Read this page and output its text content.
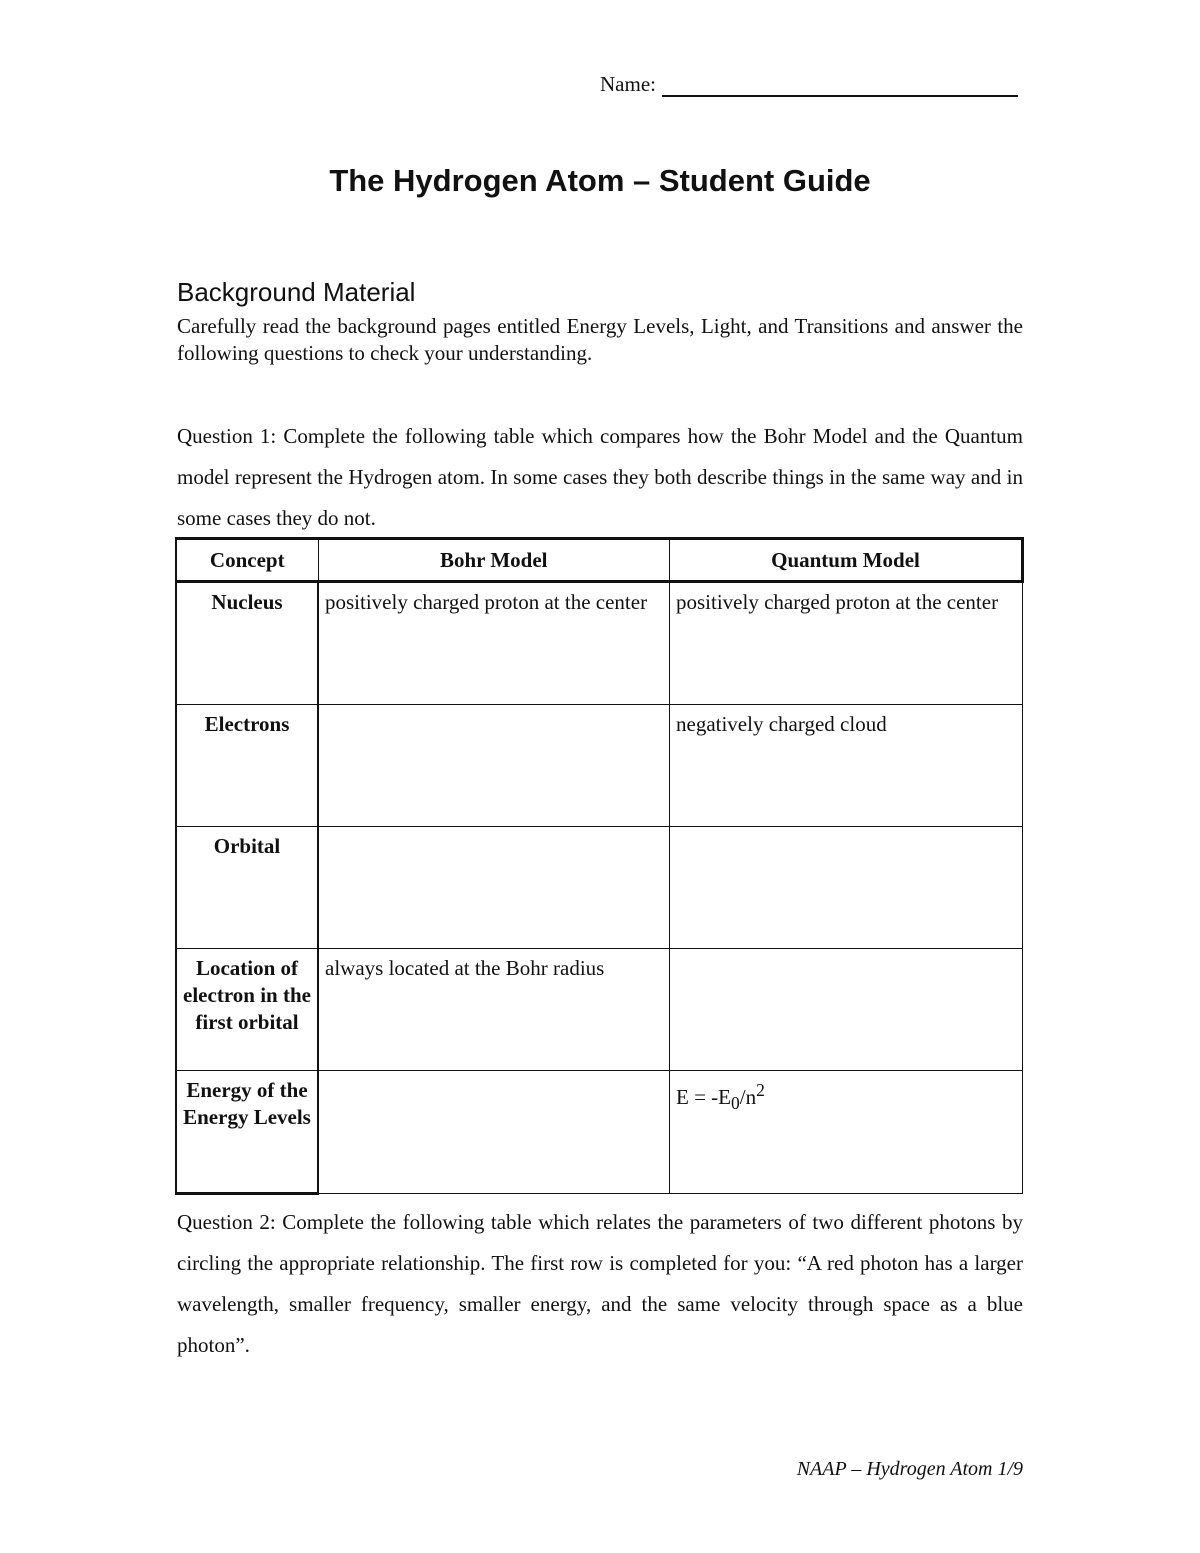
Name:
The Hydrogen Atom – Student Guide
Background Material

Carefully read the background pages entitled Energy Levels, Light, and Transitions and answer the following questions to check your understanding.

Question 1: Complete the following table which compares how the Bohr Model and the Quantum model represent the Hydrogen atom. In some cases they both describe things in the same way and in some cases they do not.

Concept	Bohr Model	Quantum Model
Nucleus	positively charged proton at the center	positively charged proton at the center
Electrons		negatively charged cloud
Orbital		
Location of electron in the first orbital	always located at the Bohr radius	
Energy of the Energy Levels		$E = -E_0/n^2$

Question 2: Complete the following table which relates the parameters of two different photons by circling the appropriate relationship. The first row is completed for you: “A red photon has a larger wavelength, smaller frequency, smaller energy, and the same velocity through space as a blue photon”.

NAAP – Hydrogen Atom 1/9
